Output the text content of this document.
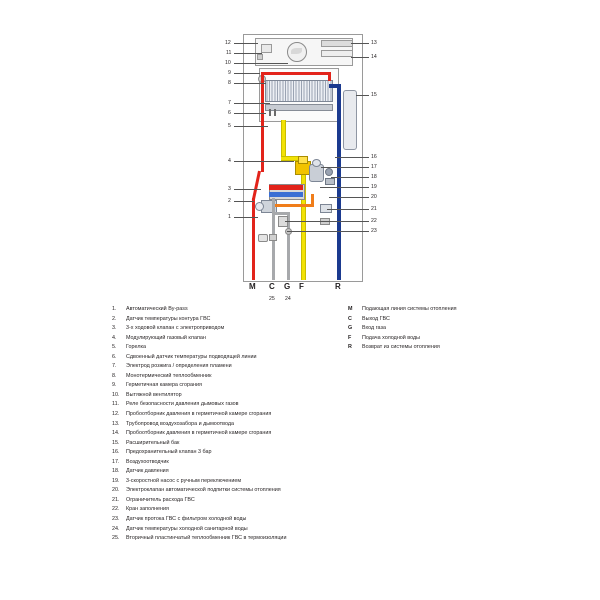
12
11
10
9
8
7
6
5
4
3
2
1
13
14
15
16
17
18
19
20
21
22
23
M C G F	R
25 24
1.	Автоматический By-pass
2.	Датчик температуры контура ГВС
3.	3-х ходовой клапан с электроприводом
4.	Модулирующий газовый клапан
5.	Горелка
6.	Сдвоенный датчик температуры подводящей линии
7.	Электрод розжига / определения пламени
8.	Монотермический теплообменник
9.	Герметичная камера сгорания
10.	Вытяжной вентилятор
11.	Реле безопасности давления дымовых газов
12.	Пробоотборник давления в герметичной камере сгорания
13.	Трубопровод воздухозабора и дымоотвода
14.	Пробоотборник давления в герметичной камере сгорания
15.	Расширительный бак
16.	Предохранительный клапан 3 бар
17.	Воздухоотводчик
18.	Датчик давления
19.	3-скоростной насос с ручным переключением
20.	Электроклапан автоматической подпитки системы отопления
21.	Ограничитель расхода ГВС
22.	Кран заполнения
23.	Датчик протока ГВС с фильтром холодной воды
24.	Датчик температуры холодной санитарной воды
25.	Вторичный пластинчатый теплообменник ГВС в термоизоляции
M	Подающая линия системы отопления
C	Выход ГВС
G	Вход газа
F	Подача холодной воды
R	Возврат из системы отопления
